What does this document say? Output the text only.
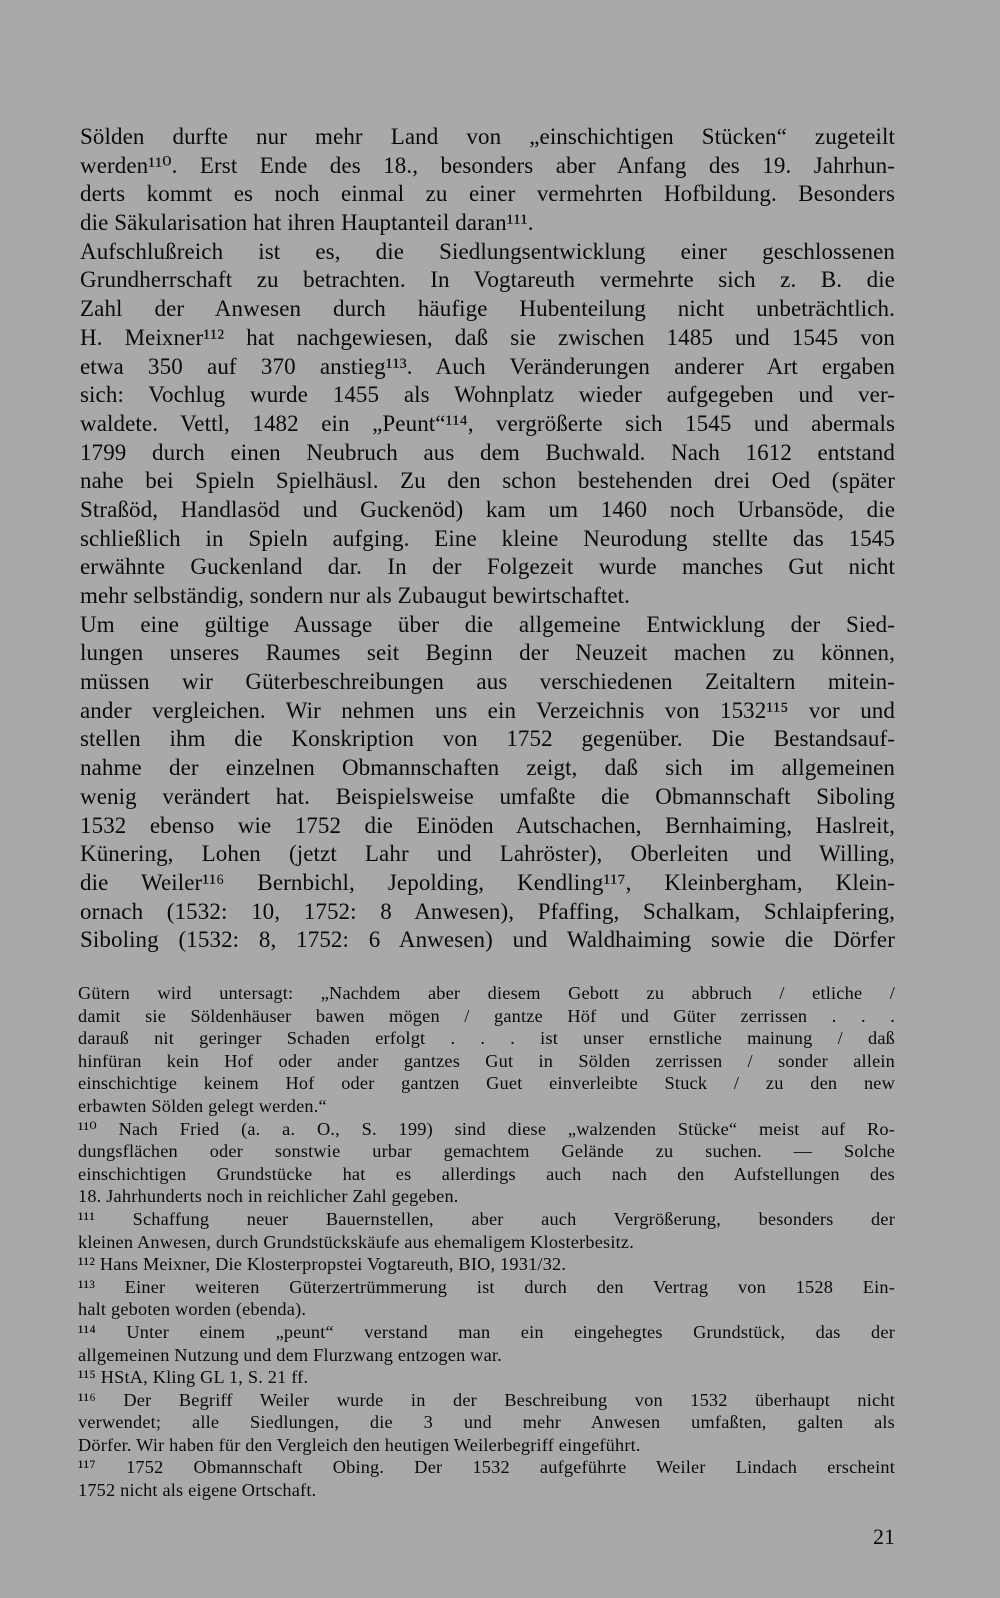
Sölden durfte nur mehr Land von „einschichtigen Stücken“ zugeteilt
werden¹¹⁰. Erst Ende des 18., besonders aber Anfang des 19. Jahrhun-
derts kommt es noch einmal zu einer vermehrten Hofbildung. Besonders
die Säkularisation hat ihren Hauptanteil daran¹¹¹.
Aufschlußreich ist es, die Siedlungsentwicklung einer geschlossenen
Grundherrschaft zu betrachten. In Vogtareuth vermehrte sich z. B. die
Zahl der Anwesen durch häufige Hubenteilung nicht unbeträchtlich.
H. Meixner¹¹² hat nachgewiesen, daß sie zwischen 1485 und 1545 von
etwa 350 auf 370 anstieg¹¹³. Auch Veränderungen anderer Art ergaben
sich: Vochlug wurde 1455 als Wohnplatz wieder aufgegeben und ver-
waldete. Vettl, 1482 ein „Peunt“¹¹⁴, vergrößerte sich 1545 und abermals
1799 durch einen Neubruch aus dem Buchwald. Nach 1612 entstand
nahe bei Spieln Spielhäusl. Zu den schon bestehenden drei Oed (später
Straßöd, Handlasöd und Guckenöd) kam um 1460 noch Urbansöde, die
schließlich in Spieln aufging. Eine kleine Neurodung stellte das 1545
erwähnte Guckenland dar. In der Folgezeit wurde manches Gut nicht
mehr selbständig, sondern nur als Zubaugut bewirtschaftet.
Um eine gültige Aussage über die allgemeine Entwicklung der Sied-
lungen unseres Raumes seit Beginn der Neuzeit machen zu können,
müssen wir Güterbeschreibungen aus verschiedenen Zeitaltern mitein-
ander vergleichen. Wir nehmen uns ein Verzeichnis von 1532¹¹⁵ vor und
stellen ihm die Konskription von 1752 gegenüber. Die Bestandsauf-
nahme der einzelnen Obmannschaften zeigt, daß sich im allgemeinen
wenig verändert hat. Beispielsweise umfaßte die Obmannschaft Siboling
1532 ebenso wie 1752 die Einöden Autschachen, Bernhaiming, Haslreit,
Künering, Lohen (jetzt Lahr und Lahröster), Oberleiten und Willing,
die Weiler¹¹⁶ Bernbichl, Jepolding, Kendling¹¹⁷, Kleinbergham, Klein-
ornach (1532: 10, 1752: 8 Anwesen), Pfaffing, Schalkam, Schlaipfering,
Siboling (1532: 8, 1752: 6 Anwesen) und Waldhaiming sowie die Dörfer
Gütern wird untersagt: „Nachdem aber diesem Gebott zu abbruch / etliche /
damit sie Söldenhäuser bawen mögen / gantze Höf und Güter zerrissen . . .
darauß nit geringer Schaden erfolgt . . . ist unser ernstliche mainung / daß
hinfüran kein Hof oder ander gantzes Gut in Sölden zerrissen / sonder allein
einschichtige keinem Hof oder gantzen Guet einverleibte Stuck / zu den new
erbawten Sölden gelegt werden.“
¹¹⁰ Nach Fried (a. a. O., S. 199) sind diese „walzenden Stücke“ meist auf Ro-
dungsflächen oder sonstwie urbar gemachtem Gelände zu suchen. — Solche
einschichtigen Grundstücke hat es allerdings auch nach den Aufstellungen des
18. Jahrhunderts noch in reichlicher Zahl gegeben.
¹¹¹ Schaffung neuer Bauernstellen, aber auch Vergrößerung, besonders der
kleinen Anwesen, durch Grundstückskäufe aus ehemaligem Klosterbesitz.
¹¹² Hans Meixner, Die Klosterpropstei Vogtareuth, BIO, 1931/32.
¹¹³ Einer weiteren Güterzertrümmerung ist durch den Vertrag von 1528 Ein-
halt geboten worden (ebenda).
¹¹⁴ Unter einem „peunt“ verstand man ein eingehegtes Grundstück, das der
allgemeinen Nutzung und dem Flurzwang entzogen war.
¹¹⁵ HStA, Kling GL 1, S. 21 ff.
¹¹⁶ Der Begriff Weiler wurde in der Beschreibung von 1532 überhaupt nicht
verwendet; alle Siedlungen, die 3 und mehr Anwesen umfaßten, galten als
Dörfer. Wir haben für den Vergleich den heutigen Weilerbegriff eingeführt.
¹¹⁷ 1752 Obmannschaft Obing. Der 1532 aufgeführte Weiler Lindach erscheint
1752 nicht als eigene Ortschaft.
21
